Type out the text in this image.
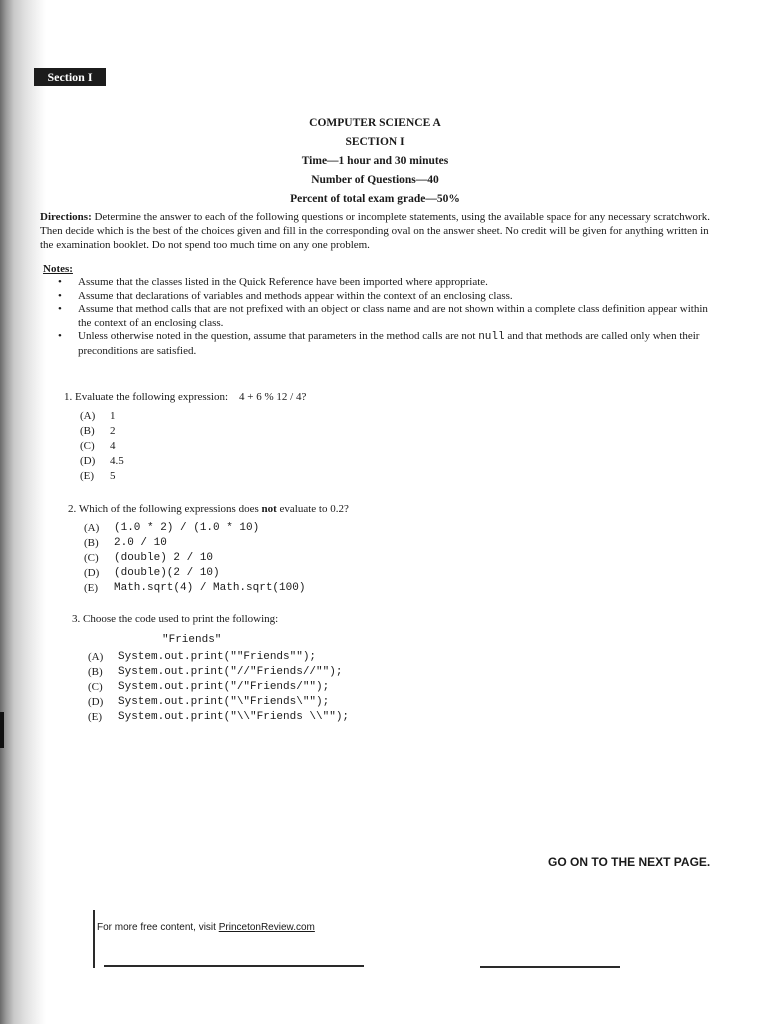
Section I
COMPUTER SCIENCE A
SECTION I
Time—1 hour and 30 minutes
Number of Questions—40
Percent of total exam grade—50%
Directions: Determine the answer to each of the following questions or incomplete statements, using the available space for any necessary scratchwork. Then decide which is the best of the choices given and fill in the corresponding oval on the answer sheet. No credit will be given for anything written in the examination booklet. Do not spend too much time on any one problem.
Notes:
• Assume that the classes listed in the Quick Reference have been imported where appropriate.
• Assume that declarations of variables and methods appear within the context of an enclosing class.
• Assume that method calls that are not prefixed with an object or class name and are not shown within a complete class definition appear within the context of an enclosing class.
• Unless otherwise noted in the question, assume that parameters in the method calls are not null and that methods are called only when their preconditions are satisfied.
1. Evaluate the following expression:    4 + 6 % 12 / 4?
(A)	1
(B)	2
(C)	4
(D)	4.5
(E)	5
2. Which of the following expressions does not evaluate to 0.2?
(A)	(1.0 * 2) / (1.0 * 10)
(B)	2.0 / 10
(C)	(double) 2 / 10
(D)	(double)(2 / 10)
(E)	Math.sqrt(4) / Math.sqrt(100)
3. Choose the code used to print the following:
"Friends"
(A)	System.out.print(""Friends"");
(B)	System.out.print("//"Friends//"");
(C)	System.out.print("/"Friends/"");
(D)	System.out.print("\"Friends\"");
(E)	System.out.print("\\"Friends \\"");
GO ON TO THE NEXT PAGE.
For more free content, visit PrincetonReview.com
